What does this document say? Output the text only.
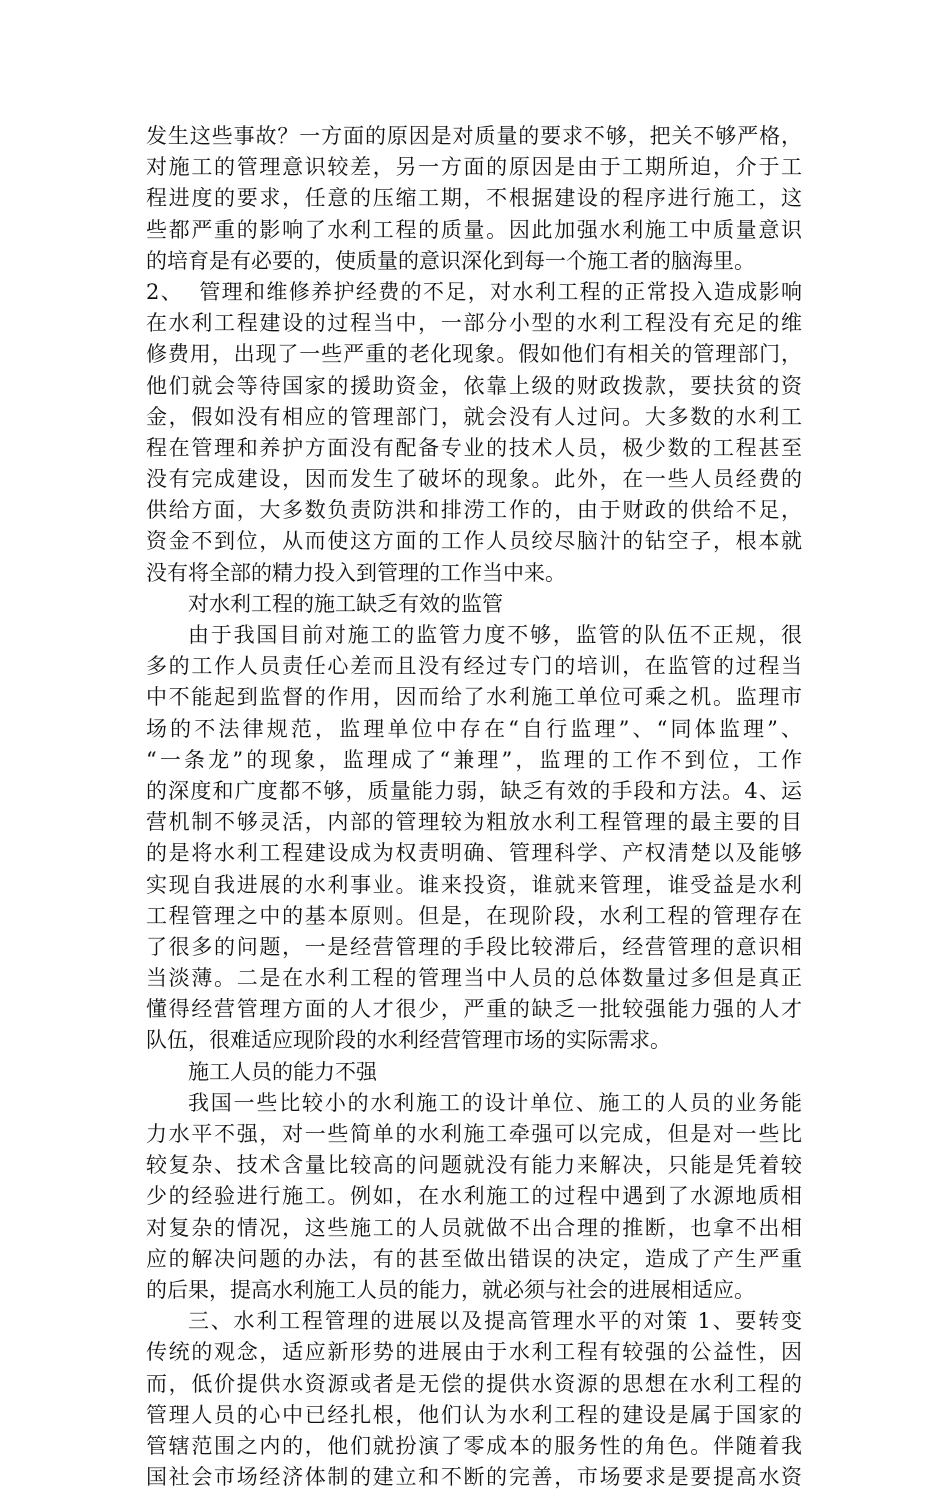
发生这些事故？一方面的原因是对质量的要求不够，把关不够严格，
对施工的管理意识较差，另一方面的原因是由于工期所迫，介于工
程进度的要求，任意的压缩工期，不根据建设的程序进行施工，这
些都严重的影响了水利工程的质量。因此加强水利施工中质量意识
的培育是有必要的，使质量的意识深化到每一个施工者的脑海里。
2、  管理和维修养护经费的不足，对水利工程的正常投入造成影响
在水利工程建设的过程当中，一部分小型的水利工程没有充足的维
修费用，出现了一些严重的老化现象。假如他们有相关的管理部门，
他们就会等待国家的援助资金，依靠上级的财政拨款，要扶贫的资
金，假如没有相应的管理部门，就会没有人过问。大多数的水利工
程在管理和养护方面没有配备专业的技术人员，极少数的工程甚至
没有完成建设，因而发生了破坏的现象。此外，在一些人员经费的
供给方面，大多数负责防洪和排涝工作的，由于财政的供给不足，
资金不到位，从而使这方面的工作人员绞尽脑汁的钻空子，根本就
没有将全部的精力投入到管理的工作当中来。
对水利工程的施工缺乏有效的监管
由于我国目前对施工的监管力度不够，监管的队伍不正规，很
多的工作人员责任心差而且没有经过专门的培训，在监管的过程当
中不能起到监督的作用，因而给了水利施工单位可乘之机。监理市
场的不法律规范，监理单位中存在“自行监理”、“同体监理”、
“一条龙”的现象，监理成了“兼理”，监理的工作不到位，工作
的深度和广度都不够，质量能力弱，缺乏有效的手段和方法。4、运
营机制不够灵活，内部的管理较为粗放水利工程管理的最主要的目
的是将水利工程建设成为权责明确、管理科学、产权清楚以及能够
实现自我进展的水利事业。谁来投资，谁就来管理，谁受益是水利
工程管理之中的基本原则。但是，在现阶段，水利工程的管理存在
了很多的问题，一是经营管理的手段比较滞后，经营管理的意识相
当淡薄。二是在水利工程的管理当中人员的总体数量过多但是真正
懂得经营管理方面的人才很少，严重的缺乏一批较强能力强的人才
队伍，很难适应现阶段的水利经营管理市场的实际需求。
施工人员的能力不强
我国一些比较小的水利施工的设计单位、施工的人员的业务能
力水平不强，对一些简单的水利施工牵强可以完成，但是对一些比
较复杂、技术含量比较高的问题就没有能力来解决，只能是凭着较
少的经验进行施工。例如，在水利施工的过程中遇到了水源地质相
对复杂的情况，这些施工的人员就做不出合理的推断，也拿不出相
应的解决问题的办法，有的甚至做出错误的决定，造成了产生严重
的后果，提高水利施工人员的能力，就必须与社会的进展相适应。
三、水利工程管理的进展以及提高管理水平的对策 1、要转变
传统的观念，适应新形势的进展由于水利工程有较强的公益性，因
而，低价提供水资源或者是无偿的提供水资源的思想在水利工程的
管理人员的心中已经扎根，他们认为水利工程的建设是属于国家的
管辖范围之内的，他们就扮演了零成本的服务性的角色。伴随着我
国社会市场经济体制的建立和不断的完善，市场要求是要提高水资
